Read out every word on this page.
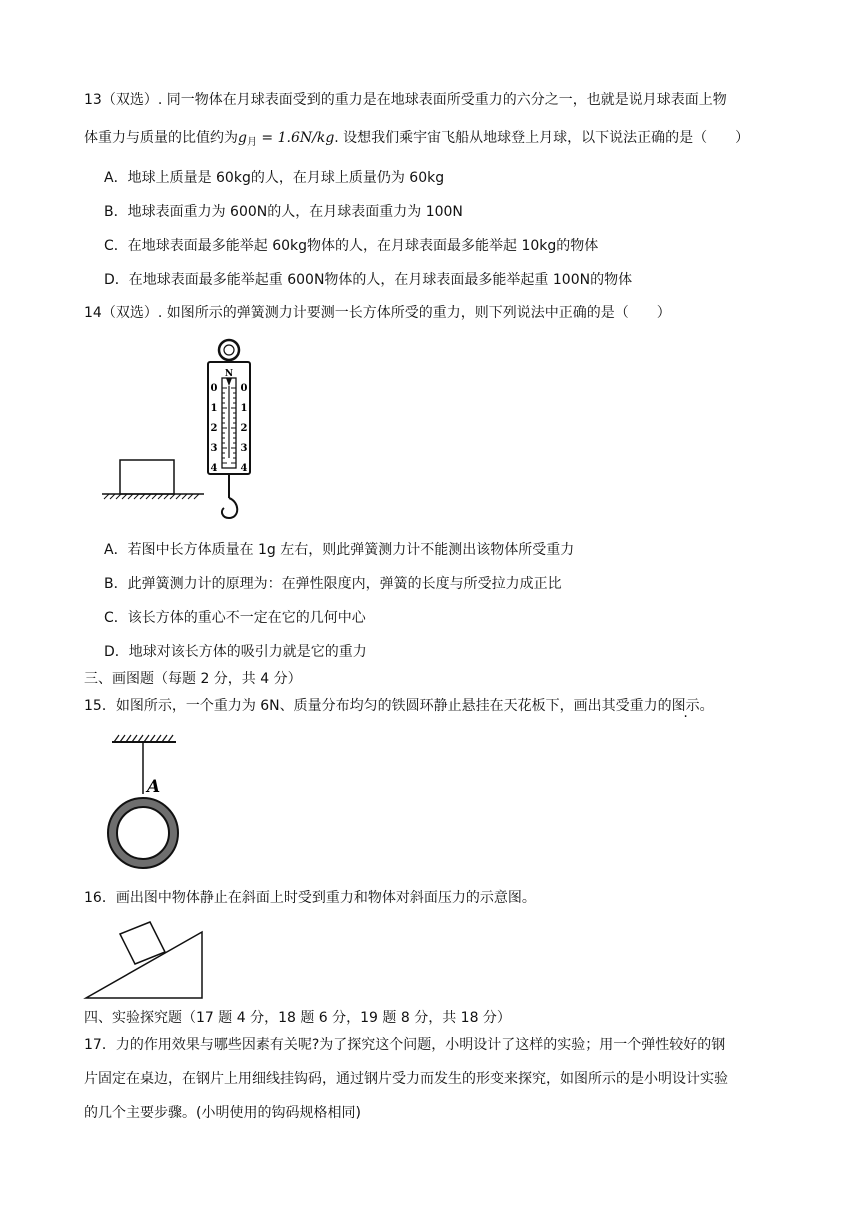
13（双选）. 同一物体在月球表面受到的重力是在地球表面所受重力的六分之一，也就是说月球表面上物
体重力与质量的比值约为$g_月 = 1.6N/kg$. 设想我们乘宇宙飞船从地球登上月球，以下说法正确的是（　　）
A．地球上质量是 60kg的人，在月球上质量仍为 60kg
B．地球表面重力为 600N的人，在月球表面重力为 100N
C．在地球表面最多能举起 60kg物体的人，在月球表面最多能举起 10kg的物体
D．在地球表面最多能举起重 600N物体的人，在月球表面最多能举起重 100N的物体
14（双选）. 如图所示的弹簧测力计要测一长方体所受的重力，则下列说法中正确的是（　　）
N
0
1
2
3
4
0
1
2
3
4
A．若图中长方体质量在 1g 左右，则此弹簧测力计不能测出该物体所受重力
B．此弹簧测力计的原理为：在弹性限度内，弹簧的长度与所受拉力成正比
C．该长方体的重心不一定在它的几何中心
D．地球对该长方体的吸引力就是它的重力
三、画图题（每题 2 分，共 4 分）
15．如图所示，一个重力为 6N、质量分布均匀的铁圆环静止悬挂在天花板下，画出其受重力的图示。
A
16．画出图中物体静止在斜面上时受到重力和物体对斜面压力的示意图。
四、实验探究题（17 题 4 分，18 题 6 分，19 题 8 分，共 18 分）
17．力的作用效果与哪些因素有关呢?为了探究这个问题，小明设计了这样的实验；用一个弹性较好的钢
片固定在桌边，在钢片上用细线挂钩码，通过钢片受力而发生的形变来探究，如图所示的是小明设计实验
的几个主要步骤。(小明使用的钩码规格相同)
